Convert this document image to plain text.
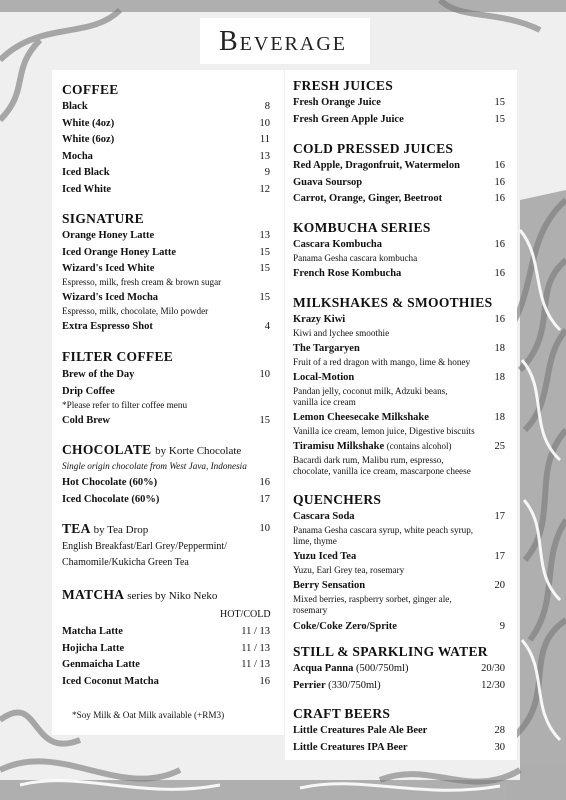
Beverage
COFFEE
Black	8
White (4oz)	10
White (6oz)	11
Mocha	13
Iced Black	9
Iced White	12
SIGNATURE
Orange Honey Latte	13
Iced Orange Honey Latte	15
Wizard's Iced White	15
Espresso, milk, fresh cream & brown sugar
Wizard's Iced Mocha	15
Espresso, milk, chocolate, Milo powder
Extra Espresso Shot	4
FILTER COFFEE
Brew of the Day	10
Drip Coffee
*Please refer to filter coffee menu
Cold Brew	15
CHOCOLATE by Korte Chocolate
Single origin chocolate from West Java, Indonesia
Hot Chocolate (60%)	16
Iced Chocolate (60%)	17
TEA by Tea Drop	10
English Breakfast/Earl Grey/Peppermint/
Chamomile/Kukicha Green Tea
MATCHA series by Niko Neko
HOT/COLD
Matcha Latte	11 / 13
Hojicha Latte	11 / 13
Genmaicha Latte	11 / 13
Iced Coconut Matcha	16
*Soy Milk & Oat Milk available (+RM3)
FRESH JUICES
Fresh Orange Juice	15
Fresh Green Apple Juice	15
COLD PRESSED JUICES
Red Apple, Dragonfruit, Watermelon	16
Guava Soursop	16
Carrot, Orange, Ginger, Beetroot	16
KOMBUCHA SERIES
Cascara Kombucha	16
Panama Gesha cascara kombucha
French Rose Kombucha	16
MILKSHAKES & SMOOTHIES
Krazy Kiwi	16
Kiwi and lychee smoothie
The Targaryen	18
Fruit of a red dragon with mango, lime & honey
Local-Motion	18
Pandan jelly, coconut milk, Adzuki beans,
vanilla ice cream
Lemon Cheesecake Milkshake	18
Vanilla ice cream, lemon juice, Digestive biscuits
Tiramisu Milkshake (contains alcohol)	25
Bacardi dark rum, Malibu rum, espresso,
chocolate, vanilla ice cream, mascarpone cheese
QUENCHERS
Cascara Soda	17
Panama Gesha cascara syrup, white peach syrup,
lime, thyme
Yuzu Iced Tea	17
Yuzu, Earl Grey tea, rosemary
Berry Sensation	20
Mixed berries, raspberry sorbet, ginger ale,
rosemary
Coke/Coke Zero/Sprite	9
STILL & SPARKLING WATER
Acqua Panna (500/750ml)	20/30
Perrier (330/750ml)	12/30
CRAFT BEERS
Little Creatures Pale Ale Beer	28
Little Creatures IPA Beer	30
